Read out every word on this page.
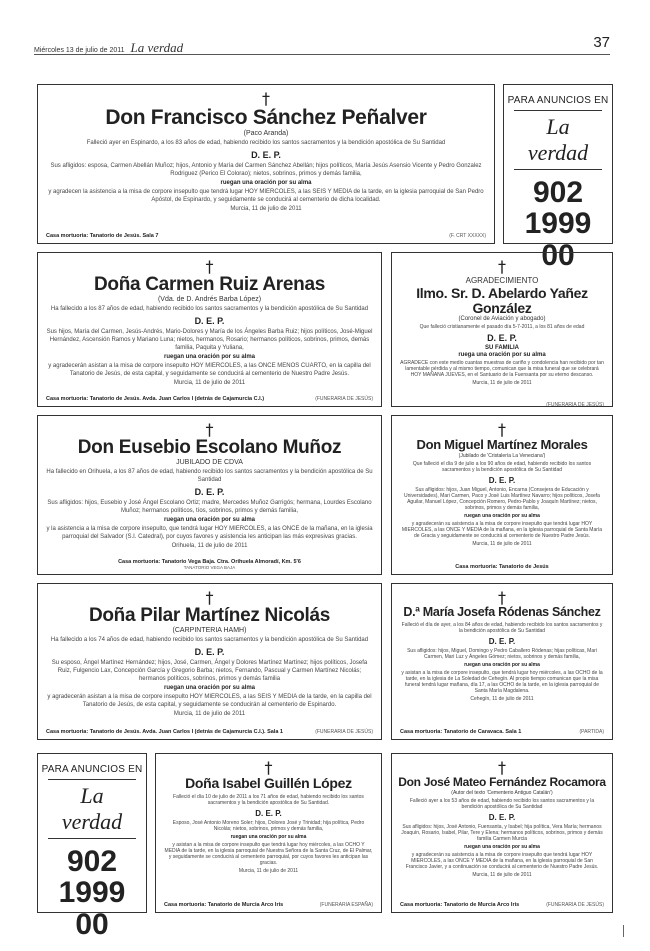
Miércoles 13 de julio de 2011 La verdad	37
†
Don Francisco Sánchez Peñalver
(Paco Aranda)
Falleció ayer en Espinardo, a los 83 años de edad, habiendo recibido los santos sacramentos y la bendición apostólica de Su Santidad
D. E. P.
Sus afligidos: esposa, Carmen Abellán Muñoz; hijos, Antonio y María del Carmen Sánchez Abellán; hijos políticos, María Jesús Asensio Vicente y Pedro Gonzalez Rodriguez (Perico El Colorao); nietos, sobrinos, primos y demás familia,
ruegan una oración por su alma
y agradecen la asistencia a la misa de corpore insepulto que tendrá lugar HOY MIERCOLES, a las SEIS Y MEDIA de la tarde, en la iglesia parroquial de San Pedro Apóstol, de Espinardo, y seguidamente se conducirá al cementerio de dicha localidad.
Murcia, 11 de julio de 2011
Casa mortuoria: Tanatorio de Jesús. Sala 7	(F. CRT XXXXX)
PARA ANUNCIOS EN
La verdad
902
1999 00
†
Doña Carmen Ruiz Arenas
(Vda. de D. Andrés Barba López)
Ha fallecido a los 87 años de edad, habiendo recibido los santos sacramentos y la bendición apostólica de Su Santidad
D. E. P.
Sus hijos, María del Carmen, Jesús-Andrés, Mario-Dolores y María de los Ángeles Barba Ruiz; hijos políticos, José-Miguel Hernández, Ascensión Ramos y Mariano Luna; nietos, hermanos, Rosario; hermanos políticos, sobrinos, primos, demás familia, Paquita y Yuliana,
ruegan una oración por su alma
y agradecerán asistan a la misa de corpore insepulto HOY MIERCOLES, a las ONCE MENOS CUARTO, en la capilla del Tanatorio de Jesús, de esta capital, y seguidamente se conducirá al cementerio de Nuestro Padre Jesús.
Murcia, 11 de julio de 2011
Casa mortuoria: Tanatorio de Jesús. Avda. Juan Carlos I (detrás de Cajamurcia C.I.)	(FUNERARIA DE JESÚS)
†
AGRADECIMIENTO
Ilmo. Sr. D. Abelardo Yañez González
(Coronel de Aviación y abogado)
Que falleció cristianamente el pasado día 5-7-2011, a los 81 años de edad
D. E. P.
SU FAMILIA
ruega una oración por su alma
AGRADECE con este medio cuantas muestras de cariño y condolencia han recibido por tan lamentable pérdida y al mismo tiempo, comunican que la misa funeral que se celebrará HOY MAÑANA JUEVES, en el Santuario de la Fuensanta por su eterno descanso.
Murcia, 11 de julio de 2011
(FUNERARIA DE JESÚS)
†
Don Eusebio Escolano Muñoz
JUBILADO DE CDVA
Ha fallecido en Orihuela, a los 87 años de edad, habiendo recibido los santos sacramentos y la bendición apostólica de Su Santidad
D. E. P.
Sus afligidos: hijos, Eusebio y José Ángel Escolano Ortiz; madre, Mercedes Muñoz Garrigós; hermana, Lourdes Escolano Muñoz; hermanos políticos, tíos, sobrinos, primos y demás familia,
ruegan una oración por su alma
y la asistencia a la misa de corpore insepulto, que tendrá lugar HOY MIERCOLES, a las ONCE de la mañana, en la iglesia parroquial del Salvador (S.I. Catedral), por cuyos favores y asistencia les anticipan las más expresivas gracias.
Orihuela, 11 de julio de 2011
Casa mortuoria: Tanatorio Vega Baja. Ctra. Orihuela Almoradí, Km. 5'6
TANATORIO VEGA BAJA
†
Don Miguel Martínez Morales
(Jubilado de 'Cristalería La Veneciana')
Que falleció el día 9 de julio a los 90 años de edad, habiendo recibido los santos sacramentos y la bendición apostólica de Su Santidad
D. E. P.
Sus afligidos: hijos, Juan Miguel, Antonio, Encarna (Consejera de Educación y Universidades), Mari Carmen, Paco y José Luis Martínez Navarro; hijos políticos, Josefa Aguilar, Manuel López, Concepción Romero, Pedro-Pablo y Joaquín Martínez; nietos, sobrinos, primos y demás familia,
ruegan una oración por su alma
y agradecerán su asistencia a la misa de corpore insepulto que tendrá lugar HOY MIERCOLES, a las ONCE Y MEDIA de la mañana, en la iglesia parroquial de Santa María de Gracia y seguidamente se conducirá al cementerio de Nuestro Padre Jesús.
Murcia, 11 de julio de 2011
Casa mortuoria: Tanatorio de Jesús
†
Doña Pilar Martínez Nicolás
(CARPINTERIA HAMH)
Ha fallecido a los 74 años de edad, habiendo recibido los santos sacramentos y la bendición apostólica de Su Santidad
D. E. P.
Su esposo, Ángel Martínez Hernández; hijos, José, Carmen, Ángel y Dolores Martínez Martínez; hijos políticos, Josefa Ruiz, Fulgencio Lax, Concepción García y Gregorio Barba; nietos, Fernando, Pascual y Carmen Martínez Nicolás; hermanos políticos, sobrinos, primos y demás familia
ruegan una oración por su alma
y agradecerán asistan a la misa de corpore insepulto HOY MIERCOLES, a las SEIS Y MEDIA de la tarde, en la capilla del Tanatorio de Jesús, de esta capital, y seguidamente se conducirán al cementerio de Espinardo.
Murcia, 11 de julio de 2011
Casa mortuoria: Tanatorio de Jesús. Avda. Juan Carlos I (detrás de Cajamurcia C.I.). Sala 1	(FUNERARIA DE JESÚS)
†
D.ª María Josefa Ródenas Sánchez
Falleció el día de ayer, a los 84 años de edad, habiendo recibido los santos sacramentos y la bendición apostólica de Su Santidad
D. E. P.
Sus afligidos: hijos, Miguel, Domingo y Pedro Caballero Ródenas; hijas políticas, Mari Carmen, Mari Luz y Ángeles Gómez; nietos, sobrinos y demás familia,
ruegan una oración por su alma
y asistan a la misa de corpore insepulto, que tendrá lugar hoy miércoles, a las OCHO de la tarde, en la iglesia de La Soledad de Cehegín. Al propio tiempo comunican que la misa funeral tendrá lugar mañana, día 17, a las OCHO de la tarde, en la iglesia parroquial de Santa María Magdalena.
Cehegín, 11 de julio de 2011
Casa mortuoria: Tanatorio de Caravaca. Sala 1	(PARTIDA)
PARA ANUNCIOS EN
La verdad
902
1999 00
†
Doña Isabel Guillén López
Falleció el día 10 de julio de 2011 a los 71 años de edad, habiendo recibido los santos sacramentos y la bendición apostólica de Su Santidad.
D. E. P.
Esposo, José Antonio Moreno Soler; hijos, Dolores José y Trinidad; hija política, Pedro Nicolás; nietos, sobrinos, primos y demás familia,
ruegan una oración por su alma
y asistan a la misa de corpore insepulto que tendrá lugar hoy miércoles, a las OCHO Y MEDIA de la tarde, en la iglesia parroquial de Nuestra Señora de la Santa Cruz, de El Palmar, y seguidamente se conducirá al cementerio parroquial, por cuyos favores les anticipan las gracias.
Murcia, 11 de julio de 2011
Casa mortuoria: Tanatorio de Murcia Arco Iris	(FUNERARIA ESPAÑA)
†
Don José Mateo Fernández Rocamora
(Autor del texto 'Cementerio Antiguo Catalán')
Falleció ayer a los 53 años de edad, habiendo recibido los santos sacramentos y la bendición apostólica de Su Santidad
D. E. P.
Sus afligidos: hijos, José Antonio, Fuensanta, y Isabel; hija política, Vera María; hermanos Joaquín, Rosario, Isabel, Pilar, Tere y Elena; hermanos políticos, sobrinos, primos y demás familia Carmen Murcia
ruegan una oración por su alma
y agradecerán su asistencia a la misa de corpore insepulto que tendrá lugar HOY MIERCOLES, a las ONCE Y MEDIA de la mañana, en la iglesia parroquial de San Francisco Javier, y a continuación se conducirá al cementerio de Nuestro Padre Jesús.
Murcia, 11 de julio de 2011
Casa mortuoria: Tanatorio de Murcia Arco Iris	(FUNERARIA DE JESÚS)
